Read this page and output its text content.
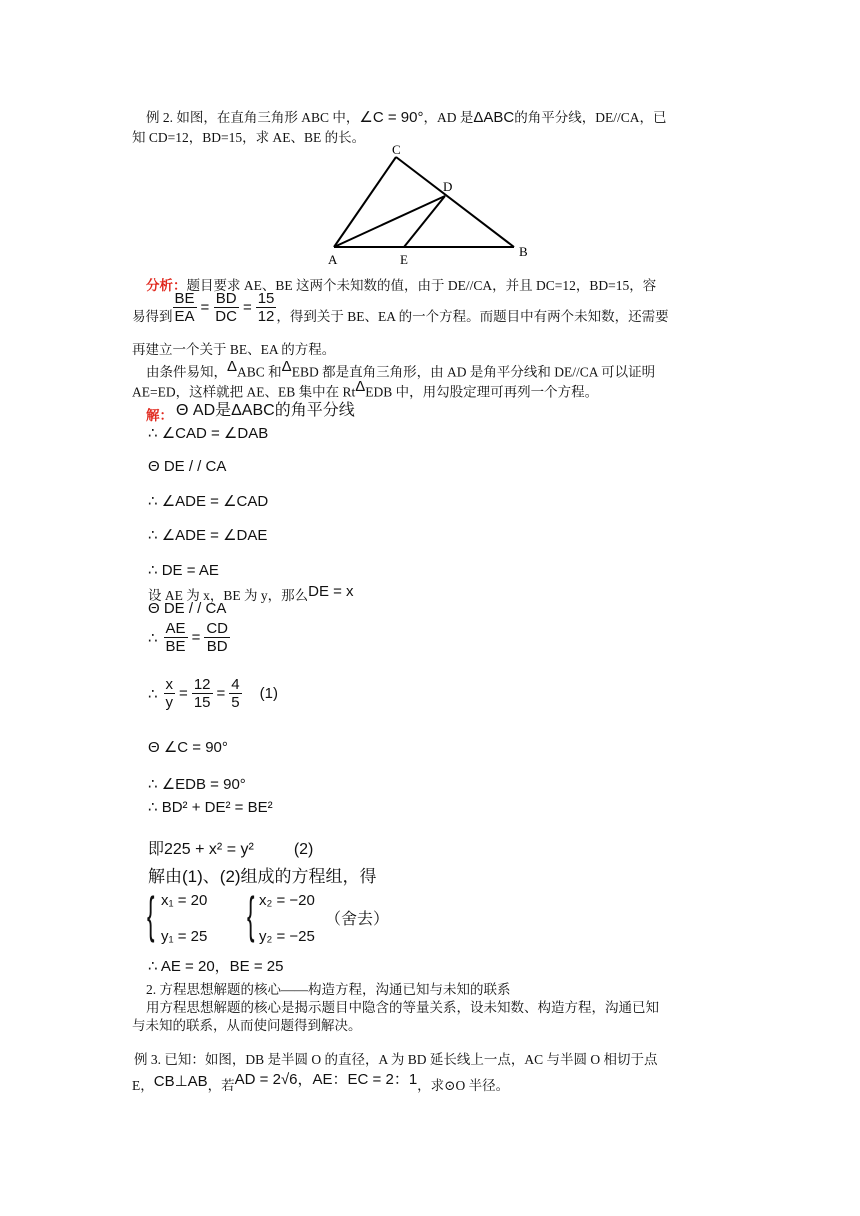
例 2. 如图，在直角三角形 ABC 中，∠C = 90°，AD 是ΔABC的角平分线，DE//CA，已
知 CD=12，BD=15，求 AE、BE 的长。
C
D
A	E
B
分析：题目要求 AE、BE 这两个未知数的值，由于 DE//CA，并且 DC=12，BD=15，容
易得到 $\frac{BE}{EA} = \frac{BD}{DC} = \frac{15}{12}$ ，得到关于 BE、EA 的一个方程。而题目中有两个未知数，还需要
再建立一个关于 BE、EA 的方程。
由条件易知，$^\Delta$ABC 和$^\Delta$EBD 都是直角三角形，由 AD 是角平分线和 DE//CA 可以证明
AE=ED，这样就把 AE、EB 集中在 $Rt^\Delta EDB$ 中，用勾股定理可再列一个方程。
解： Θ AD是ΔABC的角平分线
∴ ∠CAD = ∠DAB
Θ DE / / CA
∴ ∠ADE = ∠CAD
∴ ∠ADE = ∠DAE
∴ DE = AE
设 AE 为 x，BE 为 y，那么DE = x
Θ DE / / CA
∴ $\frac{AE}{BE} = \frac{CD}{BD}$
∴ $\frac{x}{y} = \frac{12}{15} = \frac{4}{5}$	(1)
Θ ∠C = 90°
∴ ∠EDB = 90°
∴ BD² + DE² = BE²
即225 + x² = y²	(2)
解由(1)、(2)组成的方程组，得
{ x₁ = 20
y₁ = 25 { x₂ = −20
y₂ = −25
（舍去）
∴ AE = 20，BE = 25
2. 方程思想解题的核心——构造方程，沟通已知与未知的联系
用方程思想解题的核心是揭示题目中隐含的等量关系，设未知数、构造方程，沟通已知
与未知的联系，从而使问题得到解决。
例 3. 已知：如图，DB 是半圆 O 的直径，A 为 BD 延长线上一点，AC 与半圆 O 相切于点
E，CB⊥AB，若AD = 2√6，AE：EC = 2：1，求⊙O 半径。
